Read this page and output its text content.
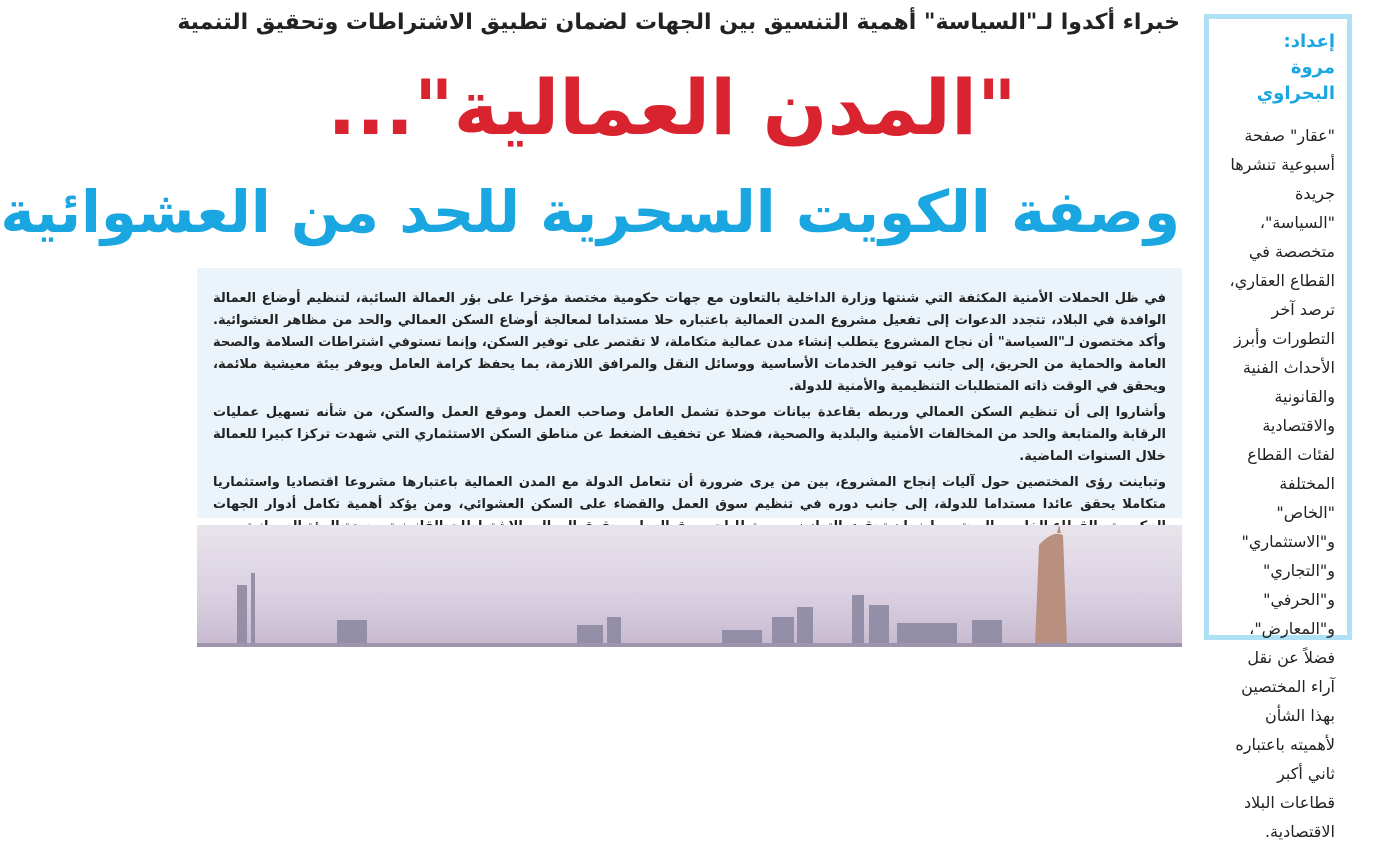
خبراء أكدوا لـ"السياسة" أهمية التنسيق بين الجهات لضمان تطبيق الاشتراطات وتحقيق التنمية
"المدن العمالية"...
وصفة الكويت السحرية للحد من العشوائية

في ظل الحملات الأمنية المكثفة التي شنتها وزارة الداخلية بالتعاون مع جهات حكومية مختصة مؤخرا على بؤر العمالة السائبة، لتنظيم أوضاع العمالة الوافدة في البلاد، تتجدد الدعوات إلى تفعيل مشروع المدن العمالية باعتباره حلا مستداما لمعالجة أوضاع السكن العمالي والحد من مظاهر العشوائية. وأكد مختصون لـ"السياسة" أن نجاح المشروع يتطلب إنشاء مدن عمالية متكاملة، لا تقتصر على توفير السكن، وإنما تستوفي اشتراطات السلامة والصحة العامة والحماية من الحريق، إلى جانب توفير الخدمات الأساسية ووسائل النقل والمرافق اللازمة، بما يحفظ كرامة العامل ويوفر بيئة معيشية ملائمة، ويحقق في الوقت ذاته المتطلبات التنظيمية والأمنية للدولة.

وأشاروا إلى أن تنظيم السكن العمالي وربطه بقاعدة بيانات موحدة تشمل العامل وصاحب العمل وموقع العمل والسكن، من شأنه تسهيل عمليات الرقابة والمتابعة والحد من المخالفات الأمنية والبلدية والصحية، فضلا عن تخفيف الضغط عن مناطق السكن الاستثماري التي شهدت تركزا كبيرا للعمالة خلال السنوات الماضية.

وتباينت رؤى المختصين حول آليات إنجاح المشروع، بين من يرى ضرورة أن تتعامل الدولة مع المدن العمالية باعتبارها مشروعا اقتصاديا واستثماريا متكاملا يحقق عائدا مستداما للدولة، إلى جانب دوره في تنظيم سوق العمل والقضاء على السكن العشوائي، ومن يؤكد أهمية تكامل أدوار الجهات

إعداد:

مروة البحراوي

"عقار" صفحة أسبوعية تنشرها جريدة "السياسة"، متخصصة في القطاع العقاري، ترصد آخر التطورات وأبرز الأحداث الفنية والقانونية والاقتصادية لفئات القطاع المختلفة "الخاص" و"الاستثماري" و"التجاري" و"الحرفي" و"المعارض"، فضلاً عن نقل آراء المختصين بهذا الشأن لأهميته باعتباره ثاني أكبر قطاعات البلاد الاقتصادية.
